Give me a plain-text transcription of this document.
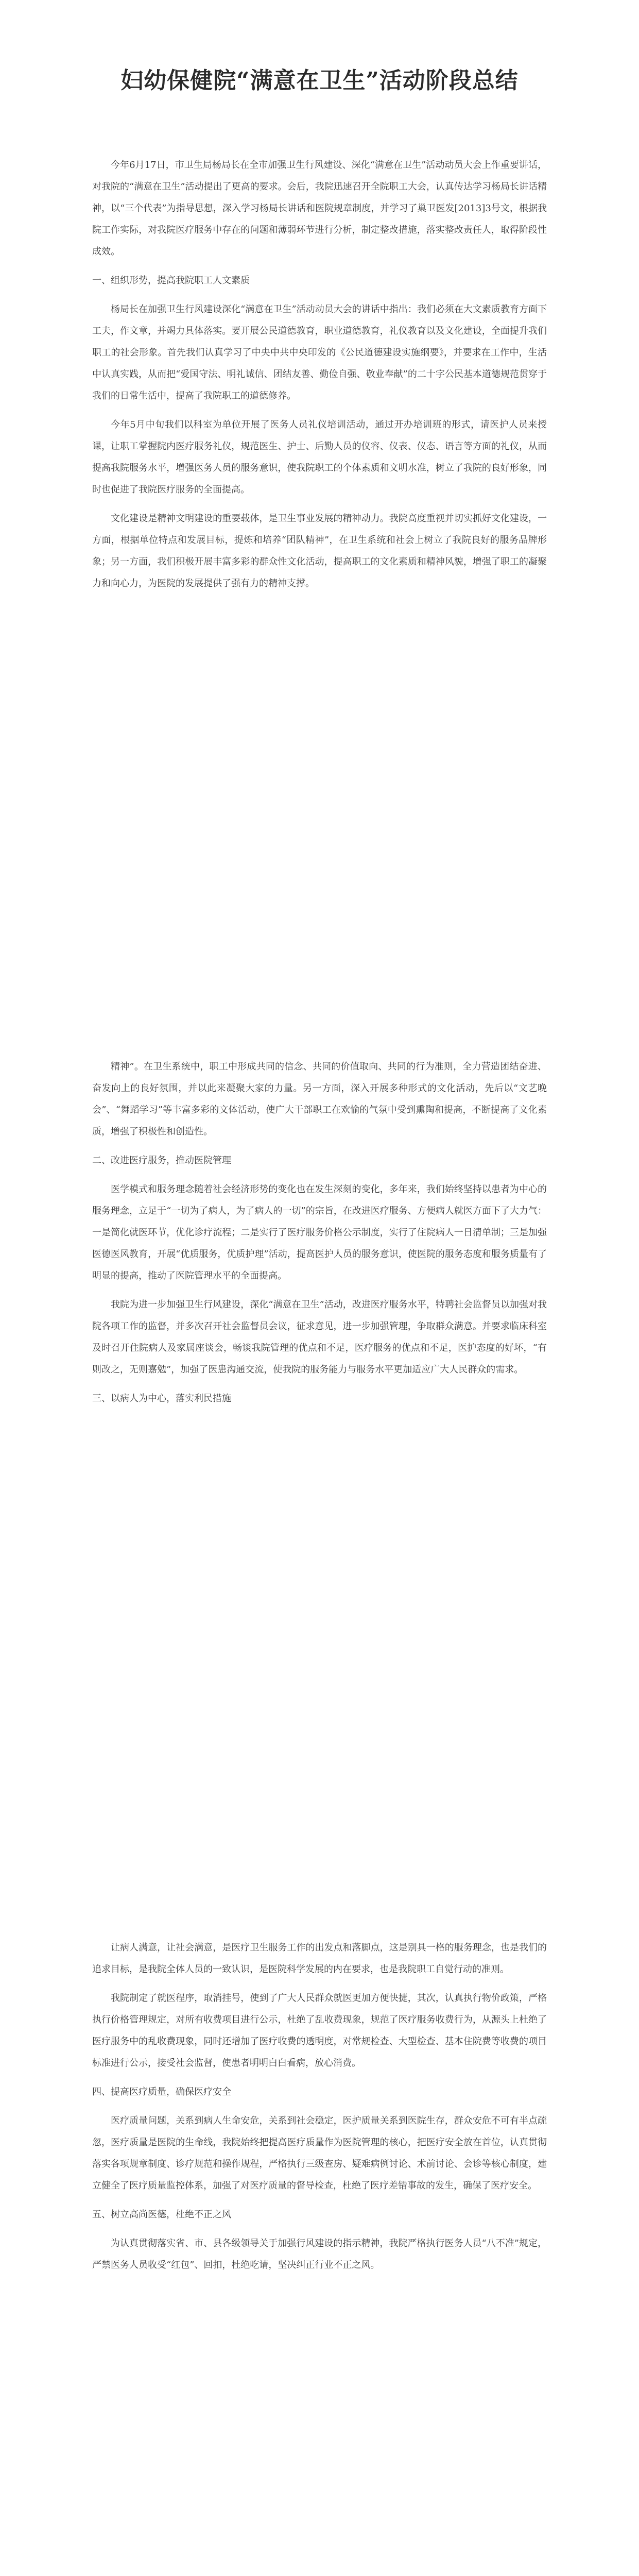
妇幼保健院“满意在卫生”活动阶段总结

今年6月17日，市卫生局杨局长在全市加强卫生行风建设、深化“满意在卫生”活动动员大会上作重要讲话，对我院的“满意在卫生”活动提出了更高的要求。会后，我院迅速召开全院职工大会，认真传达学习杨局长讲话精神，以“三个代表”为指导思想，深入学习杨局长讲话和医院规章制度，并学习了巢卫医发[2013]3号文，根据我院工作实际，对我院医疗服务中存在的问题和薄弱环节进行分析，制定整改措施，落实整改责任人，取得阶段性成效。

一、组织形势，提高我院职工人文素质

杨局长在加强卫生行风建设深化“满意在卫生”活动动员大会的讲话中指出：我们必须在大文素质教育方面下工夫，作文章，并竭力具体落实。要开展公民道德教育，职业道德教育，礼仪教育以及文化建设，全面提升我们职工的社会形象。首先我们认真学习了中央中共中央印发的《公民道德建设实施纲要》，并要求在工作中，生活中认真实践，从而把“爱国守法、明礼诚信、团结友善、勤俭自强、敬业奉献”的二十字公民基本道德规范贯穿于我们的日常生活中，提高了我院职工的道德修养。

今年5月中旬我们以科室为单位开展了医务人员礼仪培训活动，通过开办培训班的形式，请医护人员来授课，让职工掌握院内医疗服务礼仪，规范医生、护士、后勤人员的仪容、仪表、仪态、语言等方面的礼仪，从而提高我院服务水平，增强医务人员的服务意识，使我院职工的个体素质和文明水准，树立了我院的良好形象，同时也促进了我院医疗服务的全面提高。

文化建设是精神文明建设的重要载体，是卫生事业发展的精神动力。我院高度重视并切实抓好文化建设，一方面，根据单位特点和发展目标，提炼和培养“团队精神”，在卫生系统和社会上树立了我院良好的服务品牌形象；另一方面，我们积极开展丰富多彩的群众性文化活动，提高职工的文化素质和精神风貌，增强了职工的凝聚力和向心力，为医院的发展提供了强有力的精神支撑。

精神”。在卫生系统中，职工中形成共同的信念、共同的价值取向、共同的行为准则，全力营造团结奋进、奋发向上的良好氛围，并以此来凝聚大家的力量。另一方面，深入开展多种形式的文化活动，先后以“文艺晚会”、“舞蹈学习”等丰富多彩的文体活动，使广大干部职工在欢愉的气氛中受到熏陶和提高，不断提高了文化素质，增强了积极性和创造性。

二、改进医疗服务，推动医院管理

医学模式和服务理念随着社会经济形势的变化也在发生深刻的变化，多年来，我们始终坚持以患者为中心的服务理念，立足于“一切为了病人，为了病人的一切”的宗旨，在改进医疗服务、方便病人就医方面下了大力气：一是简化就医环节，优化诊疗流程；二是实行了医疗服务价格公示制度，实行了住院病人一日清单制；三是加强医德医风教育，开展“优质服务，优质护理”活动，提高医护人员的服务意识，使医院的服务态度和服务质量有了明显的提高，推动了医院管理水平的全面提高。

我院为进一步加强卫生行风建设，深化“满意在卫生”活动，改进医疗服务水平，特聘社会监督员以加强对我院各项工作的监督，并多次召开社会监督员会议，征求意见，进一步加强管理，争取群众满意。并要求临床科室及时召开住院病人及家属座谈会，畅谈我院管理的优点和不足，医疗服务的优点和不足，医护态度的好坏，“有则改之，无则嘉勉”，加强了医患沟通交流，使我院的服务能力与服务水平更加适应广大人民群众的需求。

三、以病人为中心，落实利民措施

让病人满意，让社会满意，是医疗卫生服务工作的出发点和落脚点，这是别具一格的服务理念，也是我们的追求目标，是我院全体人员的一致认识，是医院科学发展的内在要求，也是我院职工自觉行动的准则。

我院制定了就医程序，取消挂号，使到了广大人民群众就医更加方便快捷，其次，认真执行物价政策，严格执行价格管理规定，对所有收费项目进行公示，杜绝了乱收费现象，规范了医疗服务收费行为，从源头上杜绝了医疗服务中的乱收费现象，同时还增加了医疗收费的透明度，对常规检查、大型检查、基本住院费等收费的项目标准进行公示，接受社会监督，使患者明明白白看病，放心消费。

四、提高医疗质量，确保医疗安全

医疗质量问题，关系到病人生命安危，关系到社会稳定，医护质量关系到医院生存，群众安危不可有半点疏忽，医疗质量是医院的生命线，我院始终把提高医疗质量作为医院管理的核心，把医疗安全放在首位，认真贯彻落实各项规章制度、诊疗规范和操作规程，严格执行三级查房、疑难病例讨论、术前讨论、会诊等核心制度，建立健全了医疗质量监控体系，加强了对医疗质量的督导检查，杜绝了医疗差错事故的发生，确保了医疗安全。

五、树立高尚医德，杜绝不正之风

为认真贯彻落实省、市、县各级领导关于加强行风建设的指示精神，我院严格执行医务人员“八不准”规定，严禁医务人员收受“红包”、回扣，杜绝吃请，坚决纠正行业不正之风。
